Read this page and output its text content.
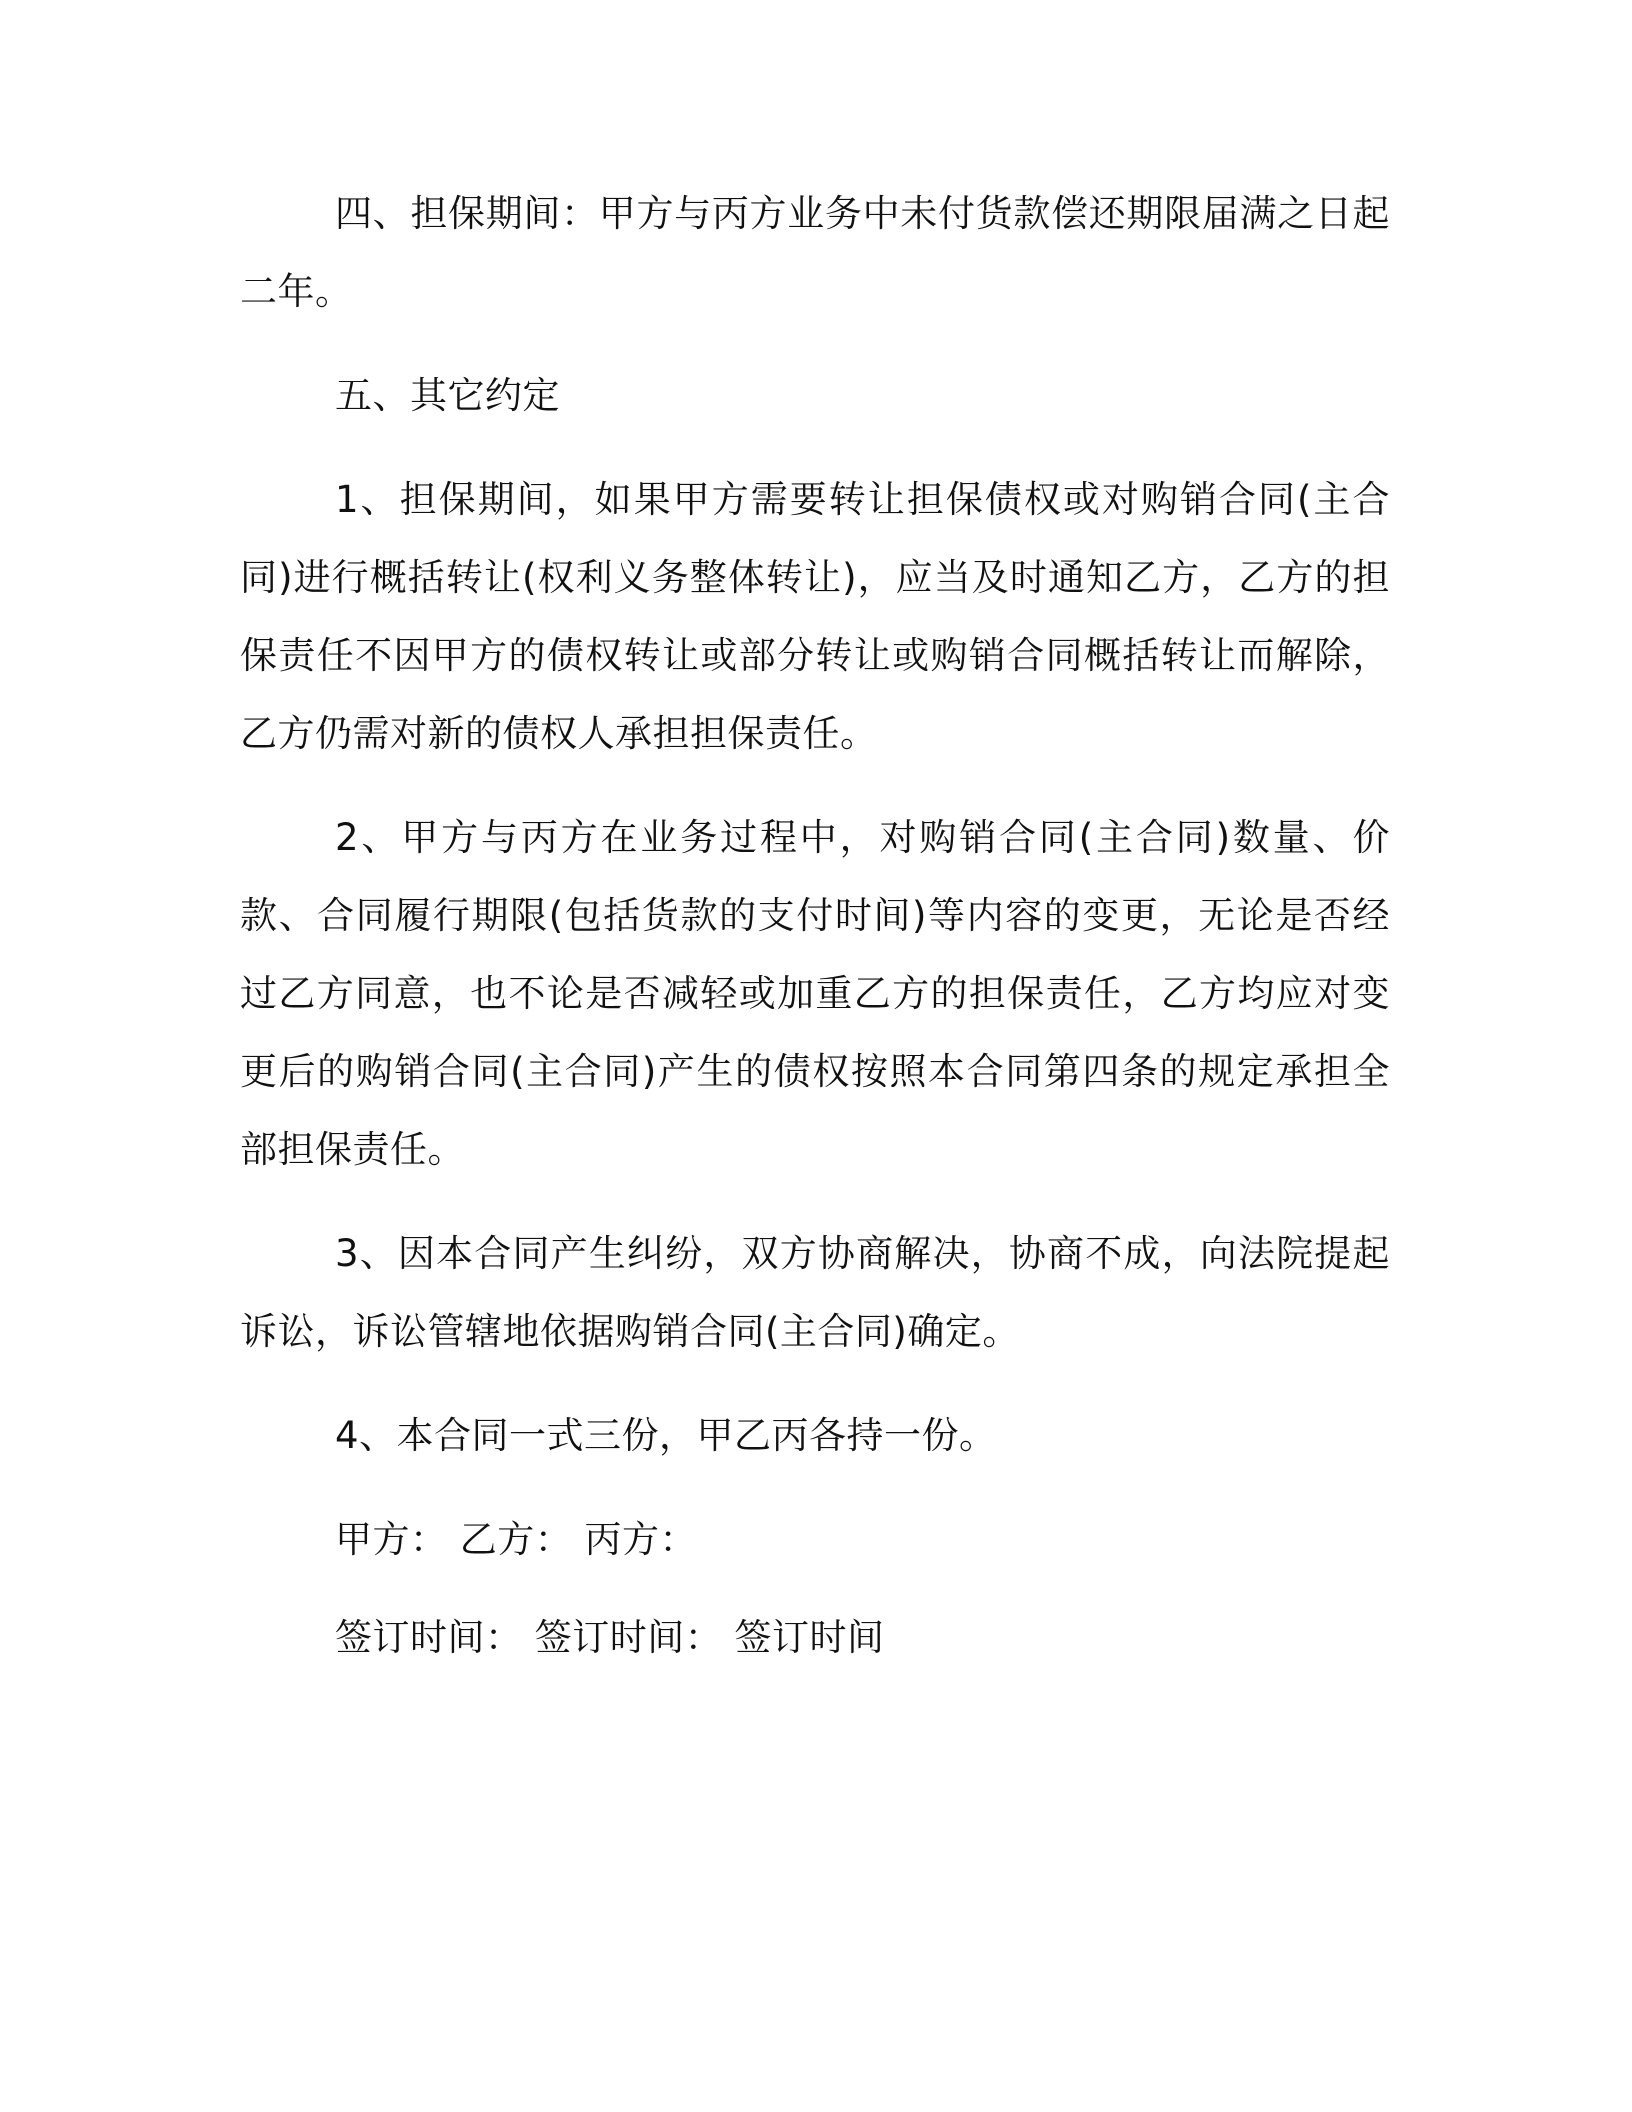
四、担保期间：甲方与丙方业务中未付货款偿还期限届满之日起二年。

五、其它约定

1、担保期间，如果甲方需要转让担保债权或对购销合同(主合同)进行概括转让(权利义务整体转让)，应当及时通知乙方，乙方的担保责任不因甲方的债权转让或部分转让或购销合同概括转让而解除，乙方仍需对新的债权人承担担保责任。

2、甲方与丙方在业务过程中，对购销合同(主合同)数量、价款、合同履行期限(包括货款的支付时间)等内容的变更，无论是否经过乙方同意，也不论是否减轻或加重乙方的担保责任，乙方均应对变更后的购销合同(主合同)产生的债权按照本合同第四条的规定承担全部担保责任。

3、因本合同产生纠纷，双方协商解决，协商不成，向法院提起诉讼，诉讼管辖地依据购销合同(主合同)确定。

4、本合同一式三份，甲乙丙各持一份。

甲方： 乙方： 丙方：

签订时间： 签订时间： 签订时间
